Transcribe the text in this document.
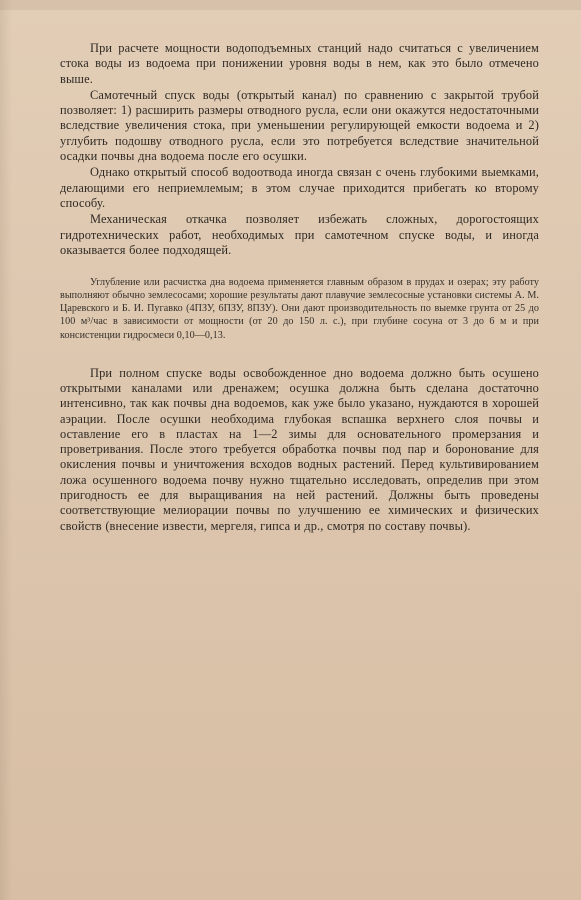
При расчете мощности водоподъемных станций надо считаться с увеличением стока воды из водоема при понижении уровня воды в нем, как это было отмечено выше.

Самотечный спуск воды (открытый канал) по сравнению с закрытой трубой позволяет: 1) расширить размеры отводного русла, если они окажутся недостаточными вследствие увеличения стока, при уменьшении регулирующей емкости водоема и 2) углубить подошву отводного русла, если это потребуется вследствие значительной осадки почвы дна водоема после его осушки.

Однако открытый способ водоотвода иногда связан с очень глубокими выемками, делающими его неприемлемым; в этом случае приходится прибегать ко второму способу.

Механическая откачка позволяет избежать сложных, дорогостоящих гидротехнических работ, необходимых при самотечном спуске воды, и иногда оказывается более подходящей.

Углубление или расчистка дна водоема применяется главным образом в прудах и озерах; эту работу выполняют обычно землесосами; хорошие результаты дают плавучие землесосные установки системы А. М. Царевского и Б. И. Пугавко (4ПЗУ, 6ПЗУ, 8ПЗУ). Они дают производительность по выемке грунта от 25 до 100 м³/час в зависимости от мощности (от 20 до 150 л. с.), при глубине сосуна от 3 до 6 м и при консистенции гидросмеси 0,10—0,13.

При полном спуске воды освобожденное дно водоема должно быть осушено открытыми каналами или дренажем; осушка должна быть сделана достаточно интенсивно, так как почвы дна водоемов, как уже было указано, нуждаются в хорошей аэрации. После осушки необходима глубокая вспашка верхнего слоя почвы и оставление его в пластах на 1—2 зимы для основательного промерзания и проветривания. После этого требуется обработка почвы под пар и боронование для окисления почвы и уничтожения всходов водных растений. Перед культивированием ложа осушенного водоема почву нужно тщательно исследовать, определив при этом пригодность ее для выращивания на ней растений. Должны быть проведены соответствующие мелиорации почвы по улучшению ее химических и физических свойств (внесение извести, мергеля, гипса и др., смотря по составу почвы).
